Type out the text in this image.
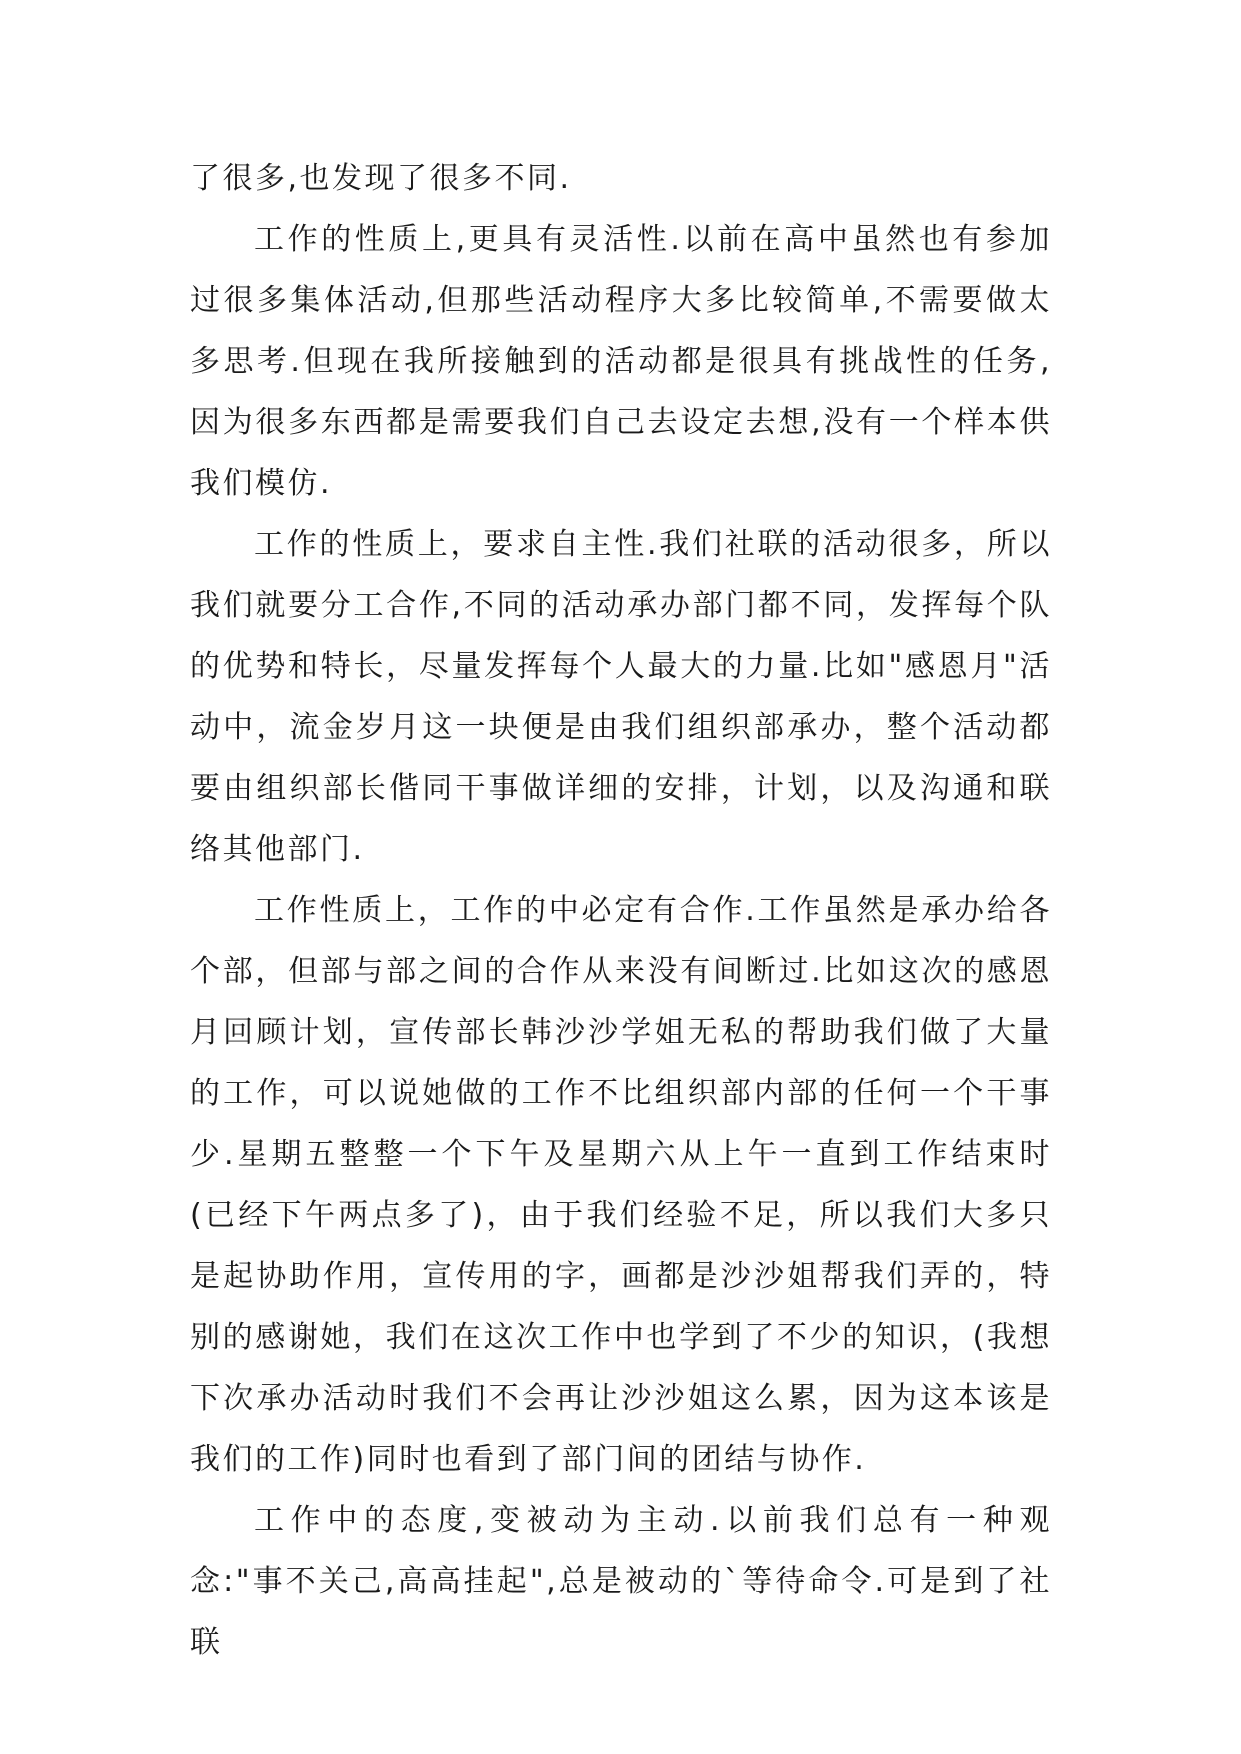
了很多,也发现了很多不同.

工作的性质上,更具有灵活性.以前在高中虽然也有参加过很多集体活动,但那些活动程序大多比较简单,不需要做太多思考.但现在我所接触到的活动都是很具有挑战性的任务,因为很多东西都是需要我们自己去设定去想,没有一个样本供我们模仿.

工作的性质上，要求自主性.我们社联的活动很多，所以我们就要分工合作,不同的活动承办部门都不同，发挥每个队的优势和特长，尽量发挥每个人最大的力量.比如"感恩月"活动中，流金岁月这一块便是由我们组织部承办，整个活动都要由组织部长偕同干事做详细的安排，计划，以及沟通和联络其他部门.

工作性质上，工作的中必定有合作.工作虽然是承办给各个部，但部与部之间的合作从来没有间断过.比如这次的感恩月回顾计划，宣传部长韩沙沙学姐无私的帮助我们做了大量的工作，可以说她做的工作不比组织部内部的任何一个干事少.星期五整整一个下午及星期六从上午一直到工作结束时(已经下午两点多了)，由于我们经验不足，所以我们大多只是起协助作用，宣传用的字，画都是沙沙姐帮我们弄的，特别的感谢她，我们在这次工作中也学到了不少的知识，(我想下次承办活动时我们不会再让沙沙姐这么累，因为这本该是我们的工作)同时也看到了部门间的团结与协作.

工作中的态度,变被动为主动.以前我们总有一种观念:"事不关己,高高挂起",总是被动的`等待命令.可是到了社联
